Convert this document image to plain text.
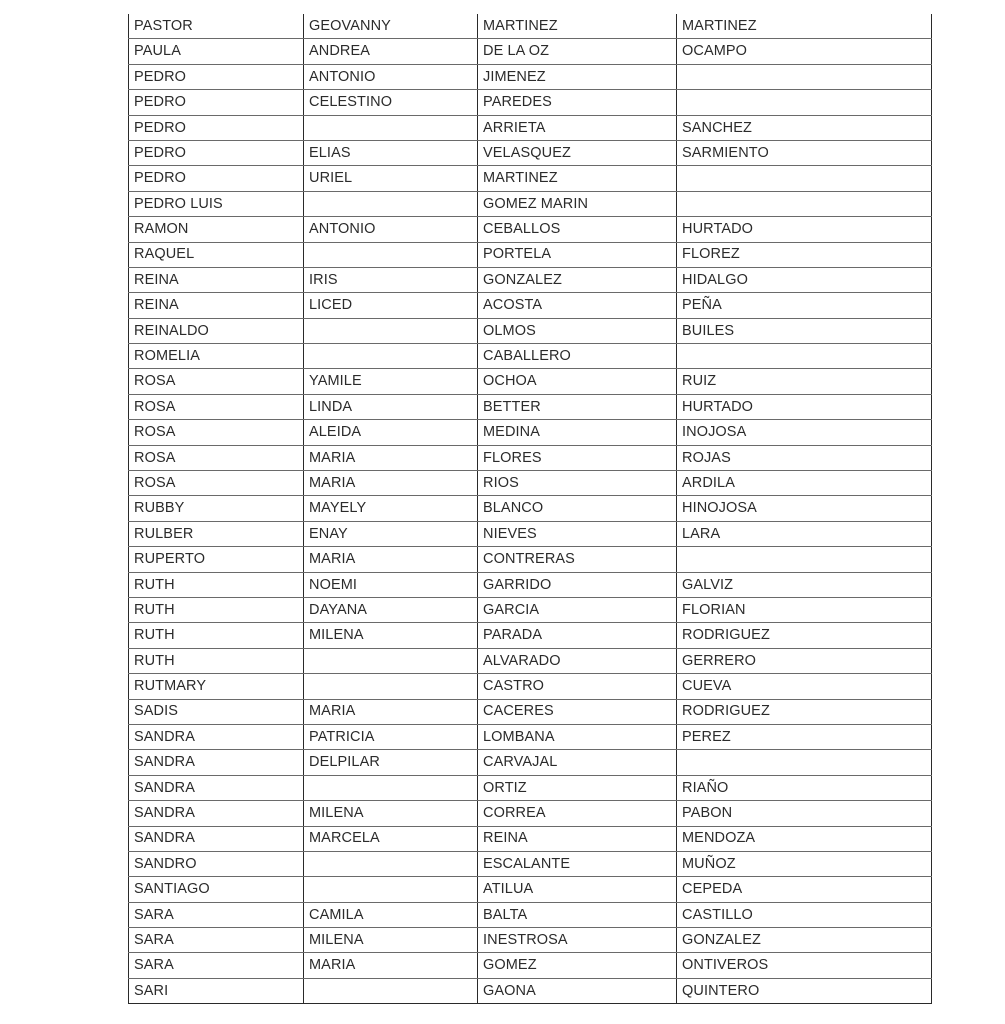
PASTOR	GEOVANNY	MARTINEZ	MARTINEZ
PAULA	ANDREA	DE LA OZ	OCAMPO
PEDRO	ANTONIO	JIMENEZ	
PEDRO	CELESTINO	PAREDES	
PEDRO		ARRIETA	SANCHEZ
PEDRO	ELIAS	VELASQUEZ	SARMIENTO
PEDRO	URIEL	MARTINEZ	
PEDRO LUIS		GOMEZ MARIN	
RAMON	ANTONIO	CEBALLOS	HURTADO
RAQUEL		PORTELA	FLOREZ
REINA	IRIS	GONZALEZ	HIDALGO
REINA	LICED	ACOSTA	PEÑA
REINALDO		OLMOS	BUILES
ROMELIA		CABALLERO	
ROSA	YAMILE	OCHOA	RUIZ
ROSA	LINDA	BETTER	HURTADO
ROSA	ALEIDA	MEDINA	INOJOSA
ROSA	MARIA	FLORES	ROJAS
ROSA	MARIA	RIOS	ARDILA
RUBBY	MAYELY	BLANCO	HINOJOSA
RULBER	ENAY	NIEVES	LARA
RUPERTO	MARIA	CONTRERAS	
RUTH	NOEMI	GARRIDO	GALVIZ
RUTH	DAYANA	GARCIA	FLORIAN
RUTH	MILENA	PARADA	RODRIGUEZ
RUTH		ALVARADO	GERRERO
RUTMARY		CASTRO	CUEVA
SADIS	MARIA	CACERES	RODRIGUEZ
SANDRA	PATRICIA	LOMBANA	PEREZ
SANDRA	DELPILAR	CARVAJAL	
SANDRA		ORTIZ	RIAÑO
SANDRA	MILENA	CORREA	PABON
SANDRA	MARCELA	REINA	MENDOZA
SANDRO		ESCALANTE	MUÑOZ
SANTIAGO		ATILUA	CEPEDA
SARA	CAMILA	BALTA	CASTILLO
SARA	MILENA	INESTROSA	GONZALEZ
SARA	MARIA	GOMEZ	ONTIVEROS
SARI		GAONA	QUINTERO
